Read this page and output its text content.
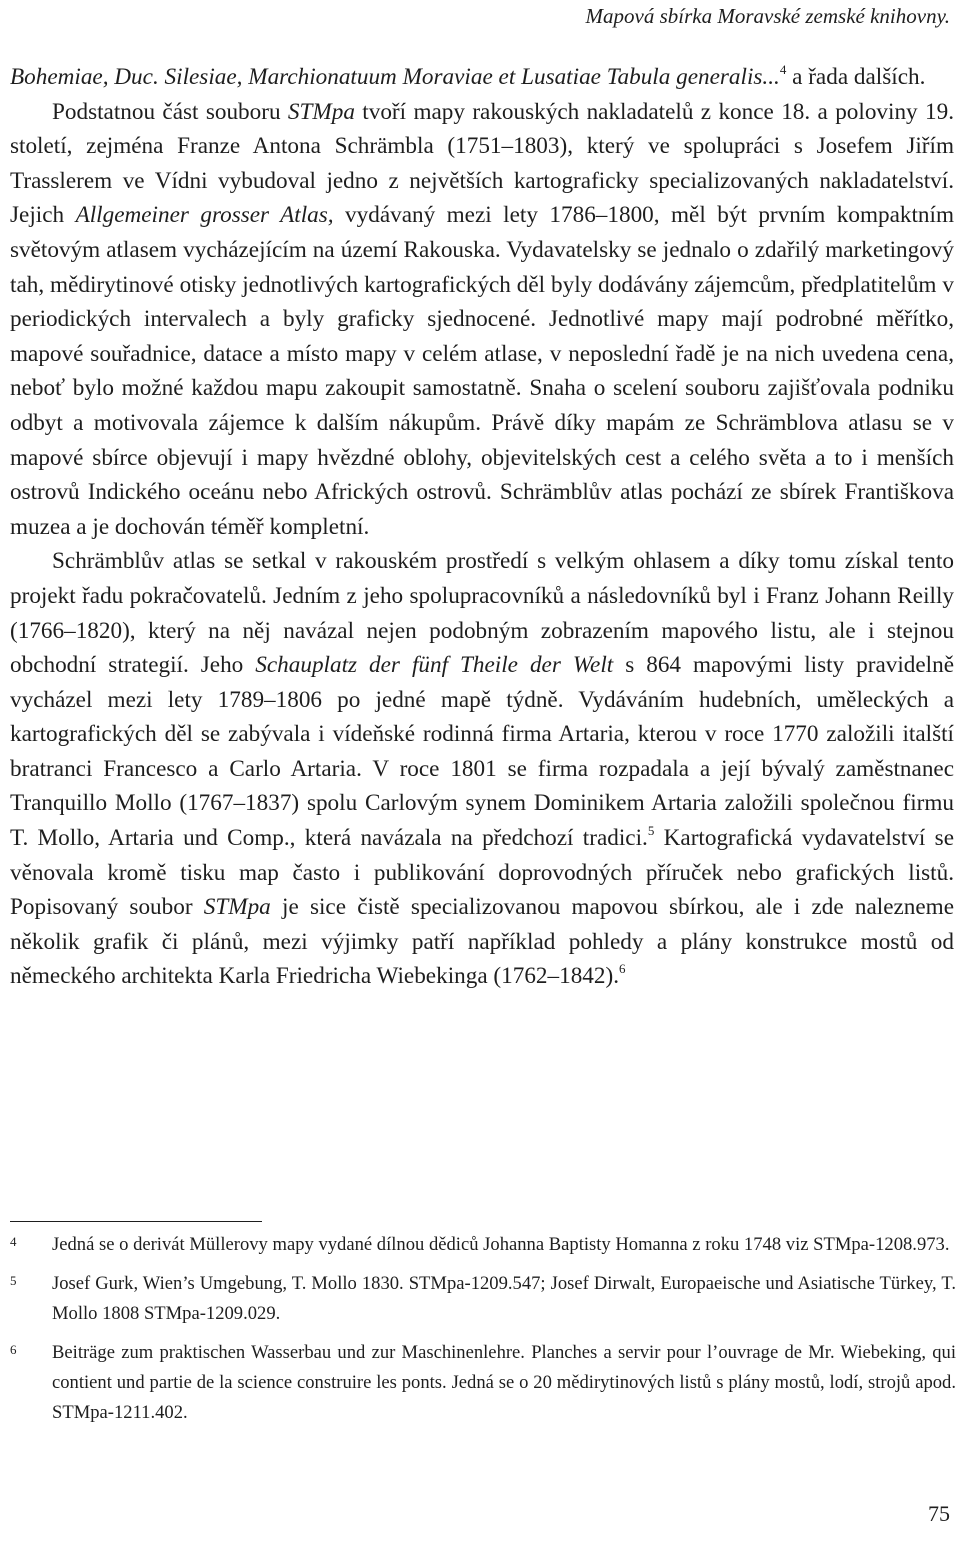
Mapová sbírka Moravské zemské knihovny.

Bohemiae, Duc. Silesiae, Marchionatuum Moraviae et Lusatiae Tabula generalis...$^4$ a řada dalších.

Podstatnou část souboru STMpa tvoří mapy rakouských nakladatelů z konce 18. a poloviny 19. století, zejména Franze Antona Schrämbla (1751–1803), který ve spolupráci s Josefem Jiřím Trasslerem ve Vídni vybudoval jedno z největších kartograficky specializovaných nakladatelství. Jejich Allgemeiner grosser Atlas, vydávaný mezi lety 1786–1800, měl být prvním kompaktním světovým atlasem vycházejícím na území Rakouska. Vydavatelsky se jednalo o zdařilý marketingový tah, mědirytinové otisky jednotlivých kartografických děl byly dodávány zájemcům, předplatitelům v periodických intervalech a byly graficky sjednocené. Jednotlivé mapy mají podrobné měřítko, mapové souřadnice, datace a místo mapy v celém atlase, v neposlední řadě je na nich uvedena cena, neboť bylo možné každou mapu zakoupit samostatně. Snaha o scelení souboru zajišťovala podniku odbyt a motivovala zájemce k dalším nákupům. Právě díky mapám ze Schrämblova atlasu se v mapové sbírce objevují i mapy hvězdné oblohy, objevitelských cest a celého světa a to i menších ostrovů Indického oceánu nebo Afrických ostrovů. Schrämblův atlas pochází ze sbírek Františkova muzea a je dochován téměř kompletní.

Schrämblův atlas se setkal v rakouském prostředí s velkým ohlasem a díky tomu získal tento projekt řadu pokračovatelů. Jedním z jeho spolupracovníků a následovníků byl i Franz Johann Reilly (1766–1820), který na něj navázal nejen podobným zobrazením mapového listu, ale i stejnou obchodní strategií. Jeho Schauplatz der fünf Theile der Welt s 864 mapovými listy pravidelně vycházel mezi lety 1789–1806 po jedné mapě týdně. Vydáváním hudebních, uměleckých a kartografických děl se zabývala i vídeňské rodinná firma Artaria, kterou v roce 1770 založili italští bratranci Francesco a Carlo Artaria. V roce 1801 se firma rozpadala a její bývalý zaměstnanec Tranquillo Mollo (1767–1837) spolu Carlovým synem Dominikem Artaria založili společnou firmu T. Mollo, Artaria und Comp., která navázala na předchozí tradici.$^5$ Kartografická vydavatelství se věnovala kromě tisku map často i publikování doprovodných příruček nebo grafických listů. Popisovaný soubor STMpa je sice čistě specializovanou mapovou sbírkou, ale i zde nalezneme několik grafik či plánů, mezi výjimky patří například pohledy a plány konstrukce mostů od německého architekta Karla Friedricha Wiebekinga (1762–1842).$^6$

4 Jedná se o derivát Müllerovy mapy vydané dílnou dědiců Johanna Baptisty Homanna z roku 1748 viz STMpa-1208.973.
5 Josef Gurk, Wien’s Umgebung, T. Mollo 1830. STMpa-1209.547; Josef Dirwalt, Europaeische und Asiatische Türkey, T. Mollo 1808 STMpa-1209.029.
6 Beiträge zum praktischen Wasserbau und zur Maschinenlehre. Planches a servir pour l’ouvrage de Mr. Wiebeking, qui contient und partie de la science construire les ponts. Jedná se o 20 mědirytinových listů s plány mostů, lodí, strojů apod. STMpa-1211.402.
75
